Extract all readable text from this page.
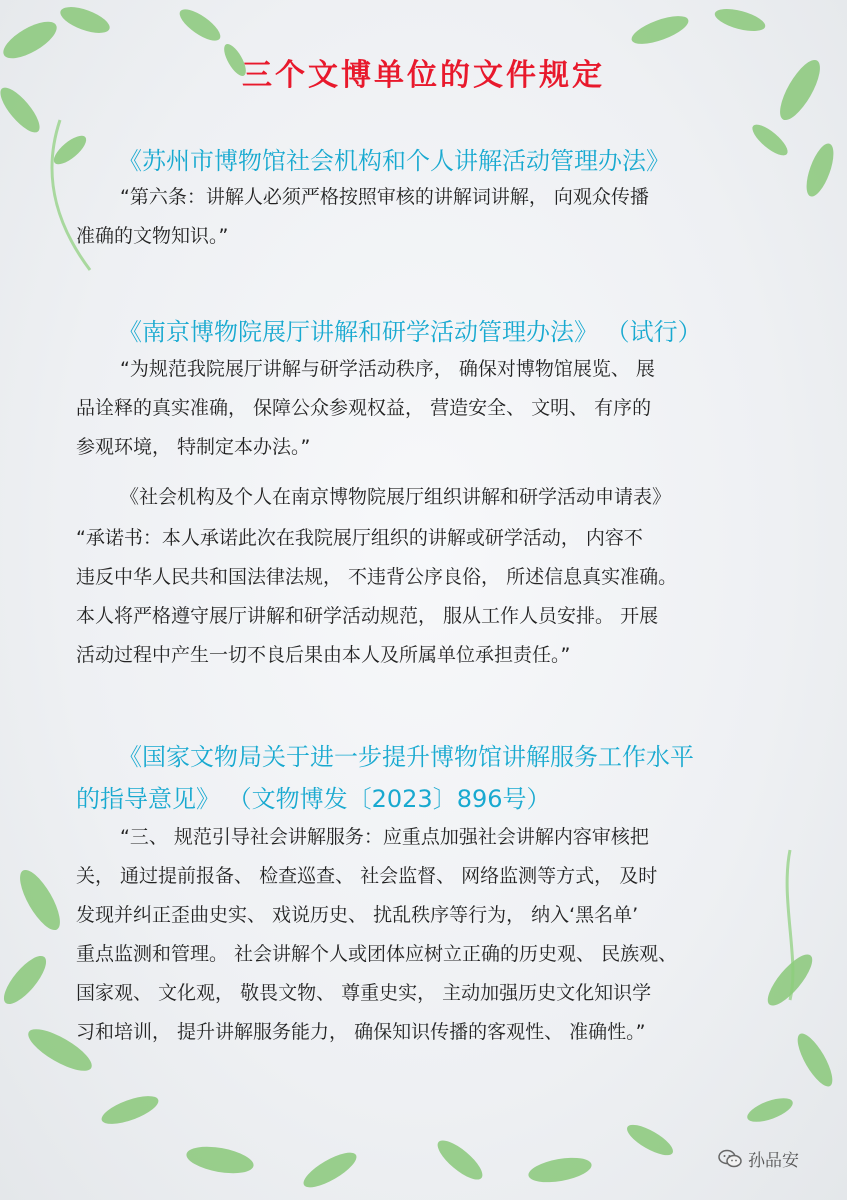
三个文博单位的文件规定
《苏州市博物馆社会机构和个人讲解活动管理办法》
“第六条：讲解人必须严格按照审核的讲解词讲解， 向观众传播
准确的文物知识。”
《南京博物院展厅讲解和研学活动管理办法》 （试行）
“为规范我院展厅讲解与研学活动秩序， 确保对博物馆展览、 展
品诠释的真实准确， 保障公众参观权益， 营造安全、 文明、 有序的
参观环境， 特制定本办法。”
《社会机构及个人在南京博物院展厅组织讲解和研学活动申请表》
“承诺书：本人承诺此次在我院展厅组织的讲解或研学活动， 内容不
违反中华人民共和国法律法规， 不违背公序良俗， 所述信息真实准确。
本人将严格遵守展厅讲解和研学活动规范， 服从工作人员安排。 开展
活动过程中产生一切不良后果由本人及所属单位承担责任。”
《国家文物局关于进一步提升博物馆讲解服务工作水平
的指导意见》 （文物博发〔2023〕896号）
“三、 规范引导社会讲解服务：应重点加强社会讲解内容审核把
关， 通过提前报备、 检查巡查、 社会监督、 网络监测等方式， 及时
发现并纠正歪曲史实、 戏说历史、 扰乱秩序等行为， 纳入‘黑名单’
重点监测和管理。 社会讲解个人或团体应树立正确的历史观、 民族观、
国家观、 文化观， 敬畏文物、 尊重史实， 主动加强历史文化知识学
习和培训， 提升讲解服务能力， 确保知识传播的客观性、 准确性。”
孙品安
